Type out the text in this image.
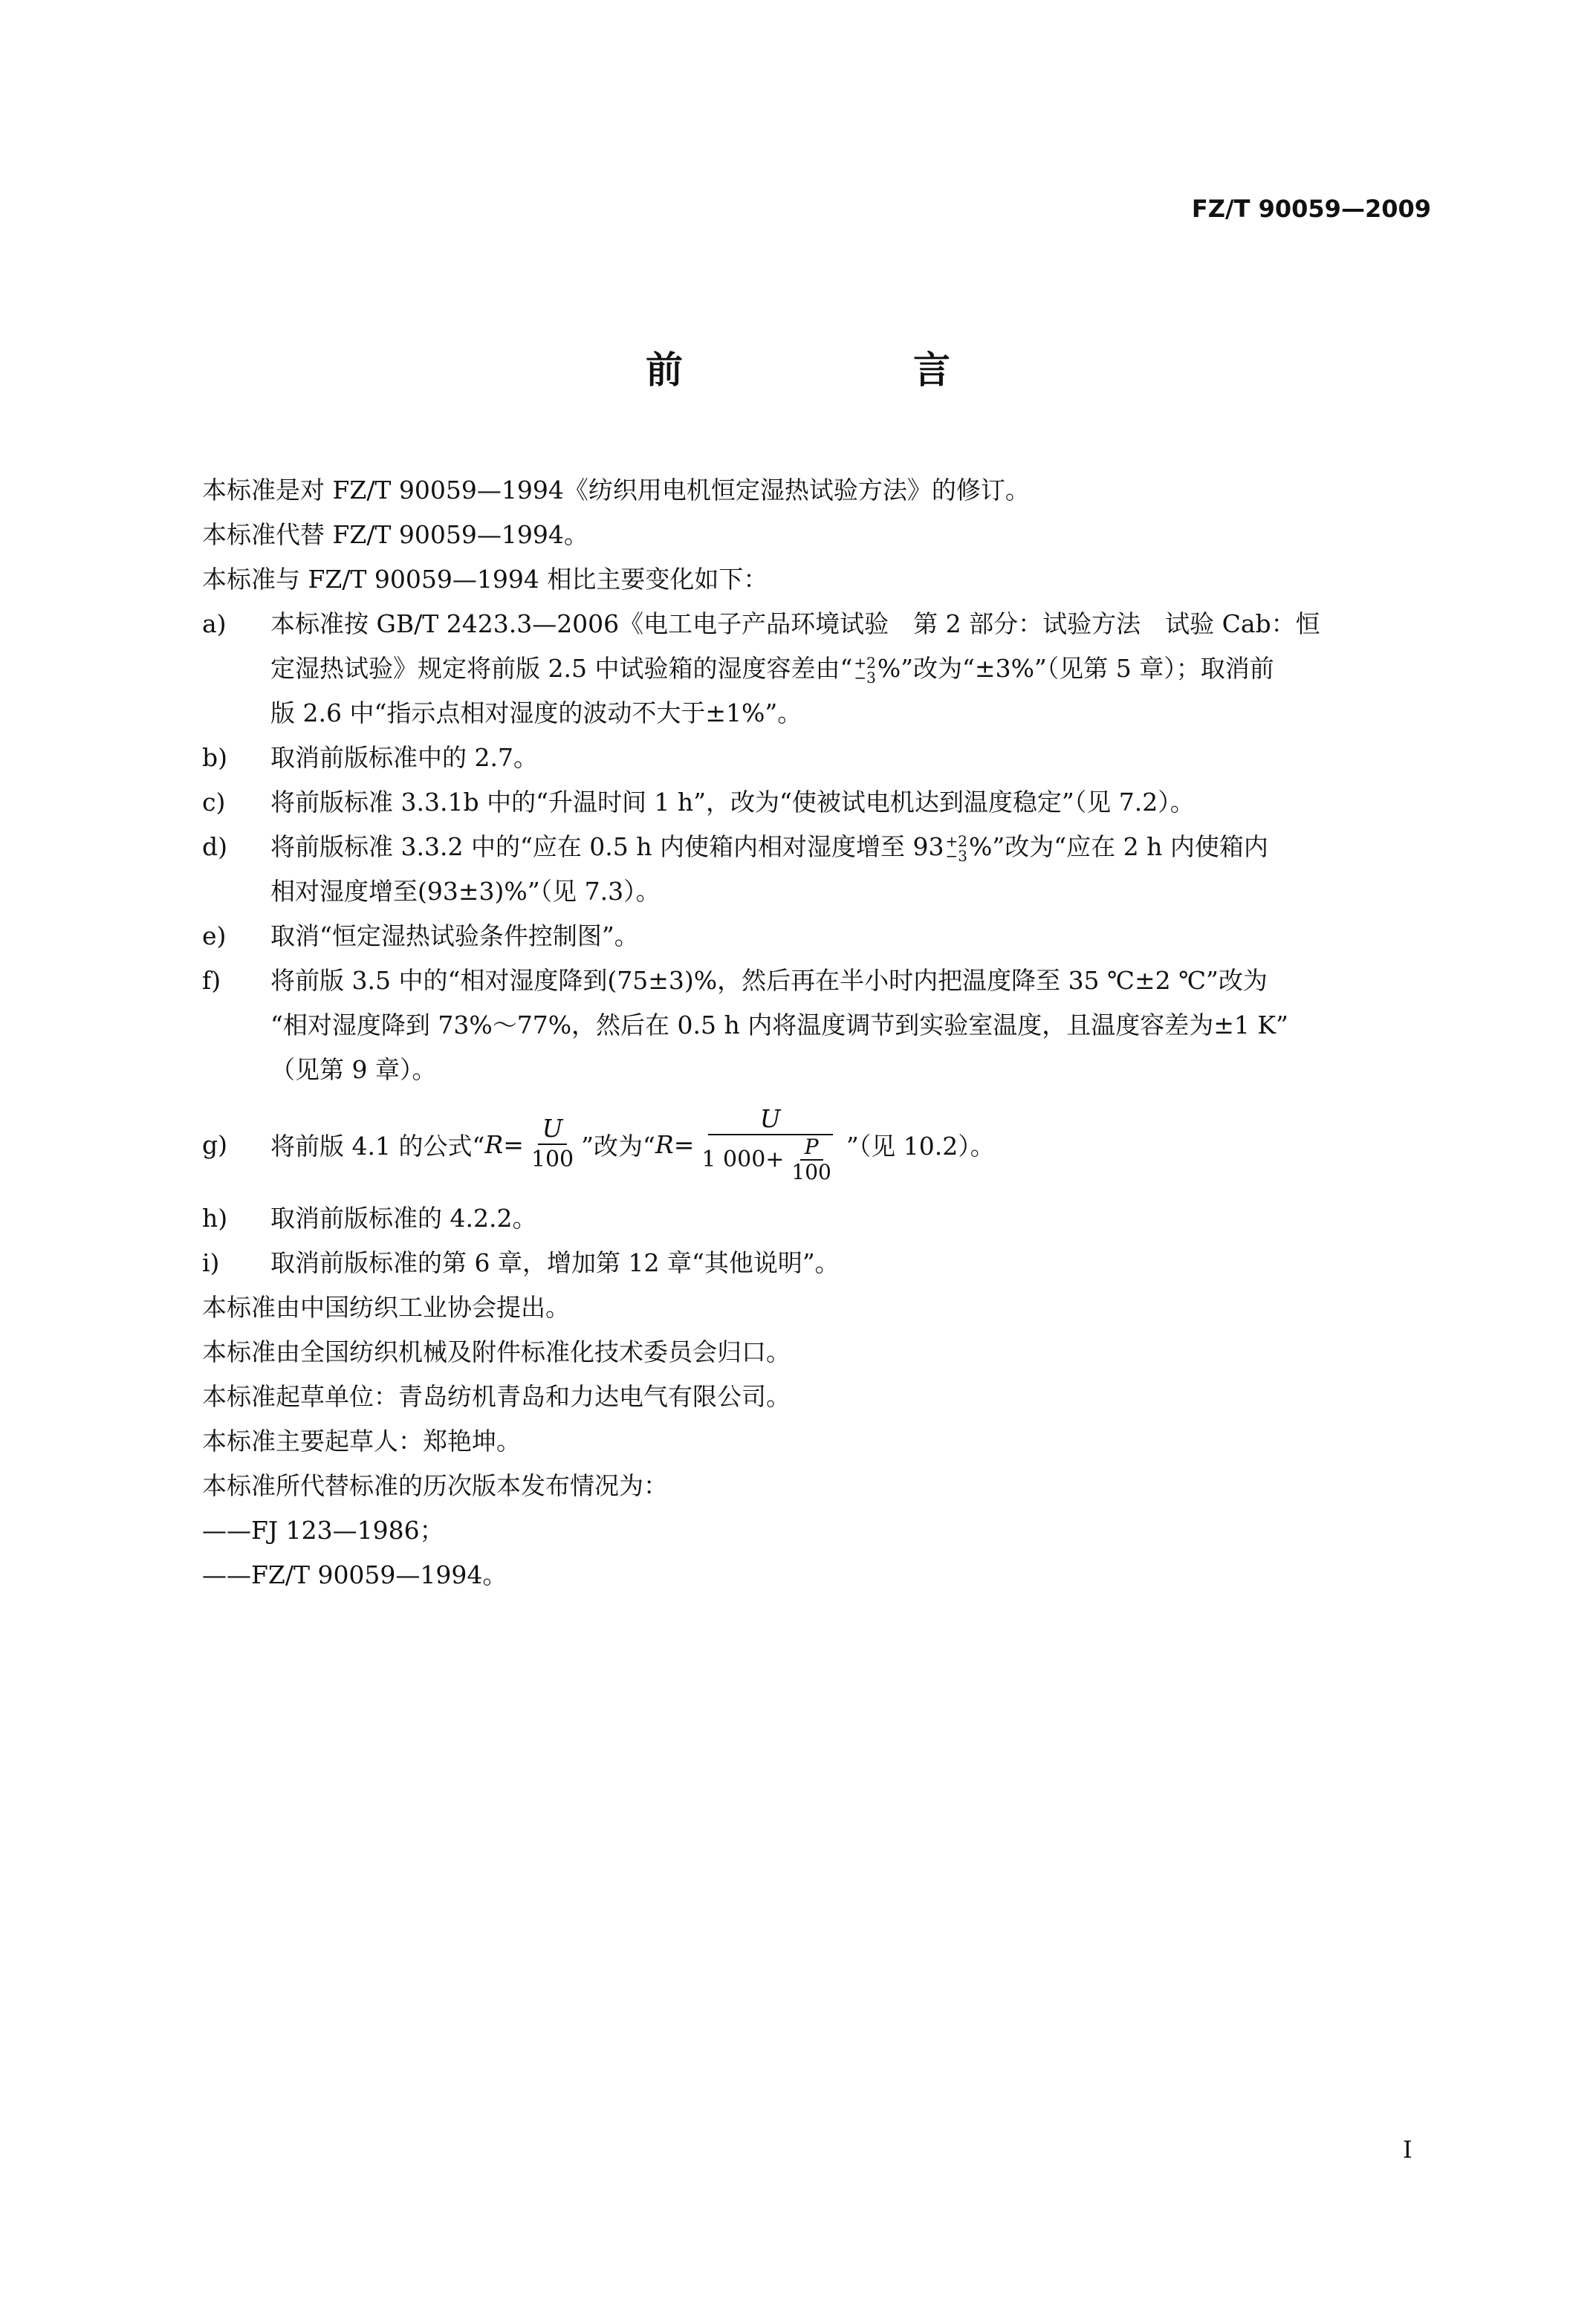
FZ/T 90059—2009
前　言
本标准是对 FZ/T 90059—1994《纺织用电机恒定湿热试验方法》的修订。
本标准代替 FZ/T 90059—1994。
本标准与 FZ/T 90059—1994 相比主要变化如下：
a)	本标准按 GB/T 2423.3—2006《电工电子产品环境试验　第 2 部分：试验方法　试验 Cab：恒
定湿热试验》规定将前版 2.5 中试验箱的湿度容差由“ +2
−3 %”改为“±3%”（见第 5 章）；取消前
版 2.6 中“指示点相对湿度的波动不大于±1%”。
b)	取消前版标准中的 2.7。
c)	将前版标准 3.3.1b 中的“升温时间 1 h”，改为“使被试电机达到温度稳定”（见 7.2）。
d)	将前版标准 3.3.2 中的“应在 0.5 h 内使箱内相对湿度增至 93 +2
−3 %”改为“应在 2 h 内使箱内
相对湿度增至(93±3)%”（见 7.3）。
e)	取消“恒定湿热试验条件控制图”。
f)	将前版 3.5 中的“相对湿度降到(75±3)%，然后再在半小时内把温度降至 35 ℃±2 ℃”改为
“相对湿度降到 73%～77%，然后在 0.5 h 内将温度调节到实验室温度，且温度容差为±1 K”
（见第 9 章）。
g)	将前版 4.1 的公式“ $R = \frac{U}{100}$ ”改为“ $R = \frac{U}{1 000+ \frac{P}{100}}$ ”（见 10.2）。
h)	取消前版标准的 4.2.2。
i)	取消前版标准的第 6 章，增加第 12 章“其他说明”。
本标准由中国纺织工业协会提出。
本标准由全国纺织机械及附件标准化技术委员会归口。
本标准起草单位：青岛纺机青岛和力达电气有限公司。
本标准主要起草人：郑艳坤。
本标准所代替标准的历次版本发布情况为：
——FJ 123—1986；
——FZ/T 90059—1994。
I
